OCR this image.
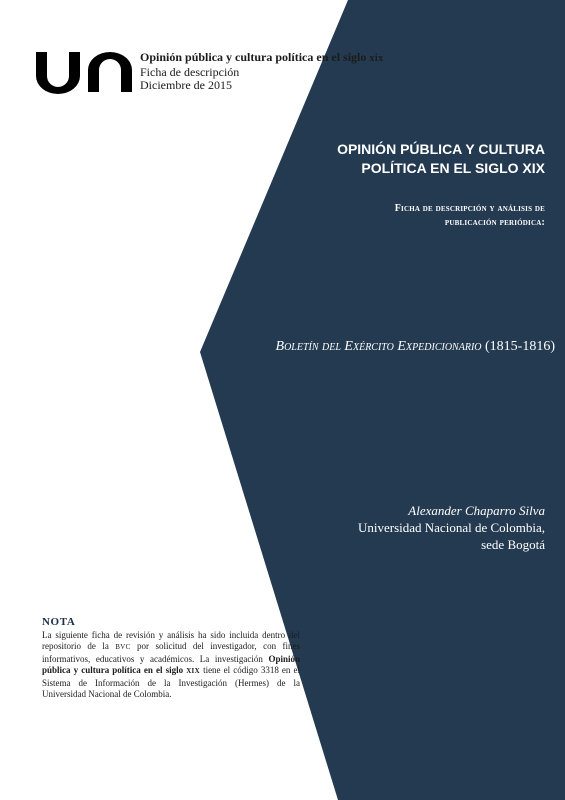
Opinión pública y cultura política en el siglo xix
Ficha de descripción
Diciembre de 2015
OPINIÓN PÚBLICA Y CULTURA
POLÍTICA EN EL SIGLO XIX
Ficha de descripción y análisis de
publicación periódica:
Boletín del Exército Expedicionario (1815-1816)
Alexander Chaparro Silva
Universidad Nacional de Colombia,
sede Bogotá
NOTA
La siguiente ficha de revisión y análisis ha sido incluida dentro del repositorio de la BVC por solicitud del investigador, con fines informativos, educativos y académicos. La investigación Opinión pública y cultura política en el siglo XIX tiene el código 3318 en el Sistema de Información de la Investigación (Hermes) de la Universidad Nacional de Colombia.
